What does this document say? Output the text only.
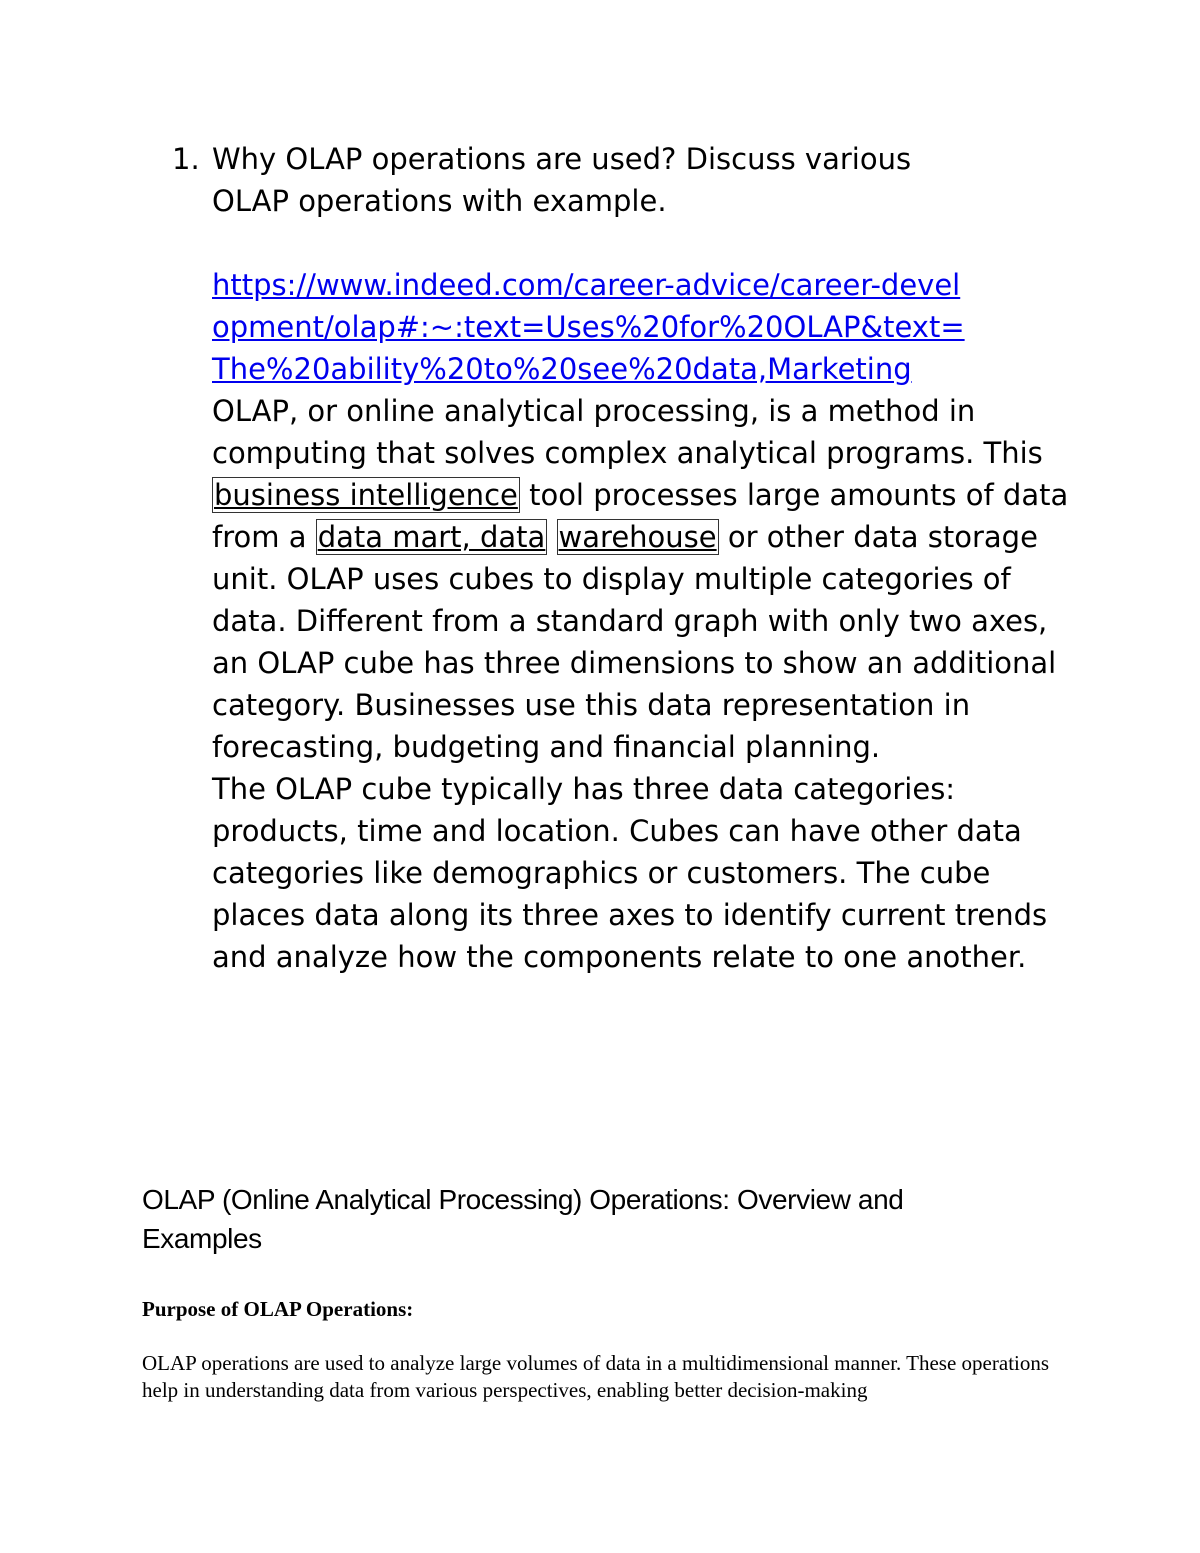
1. Why OLAP operations are used? Discuss various OLAP operations with example.
https://www.indeed.com/career-advice/career-development/olap#:~:text=Uses%20for%20OLAP&text=The%20ability%20to%20see%20data,Marketing
OLAP, or online analytical processing, is a method in computing that solves complex analytical programs. This business intelligence tool processes large amounts of data from a data mart, data warehouse or other data storage unit. OLAP uses cubes to display multiple categories of data. Different from a standard graph with only two axes, an OLAP cube has three dimensions to show an additional category. Businesses use this data representation in forecasting, budgeting and financial planning.
The OLAP cube typically has three data categories: products, time and location. Cubes can have other data categories like demographics or customers. The cube places data along its three axes to identify current trends and analyze how the components relate to one another.
OLAP (Online Analytical Processing) Operations: Overview and Examples
Purpose of OLAP Operations:
OLAP operations are used to analyze large volumes of data in a multidimensional manner. These operations help in understanding data from various perspectives, enabling better decision-making
